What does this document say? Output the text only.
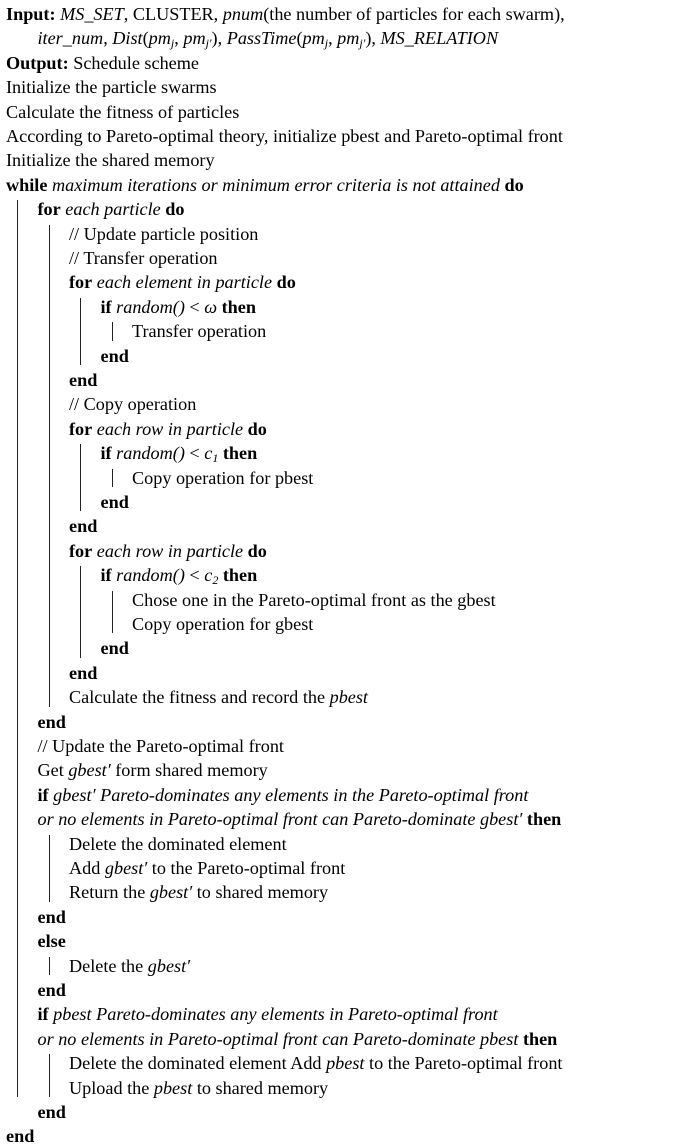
Input: MS_SET, CLUSTER, pnum(the number of particles for each swarm),
iter_num, $Dist(pm_j$, $pm_{j'}$), $PassTime(pm_j$, $pm_{j'}$), MS_RELATION
Output: Schedule scheme
Initialize the particle swarms
Calculate the fitness of particles
According to Pareto-optimal theory, initialize pbest and Pareto-optimal front
Initialize the shared memory
while maximum iterations or minimum error criteria is not attained do
for each particle do
// Update particle position
// Transfer operation
for each element in particle do
if random() < ω then
Transfer operation
end
end
// Copy operation
for each row in particle do
if random() < $c_1$ then
Copy operation for pbest
end
end
for each row in particle do
if random() < $c_2$ then
Chose one in the Pareto-optimal front as the gbest
Copy operation for gbest
end
end
Calculate the fitness and record the pbest
end
// Update the Pareto-optimal front
Get gbest′ form shared memory
if gbest′ Pareto-dominates any elements in the Pareto-optimal front
or no elements in Pareto-optimal front can Pareto-dominate gbest′ then
Delete the dominated element
Add gbest′ to the Pareto-optimal front
Return the gbest′ to shared memory
end
else
Delete the gbest′
end
if pbest Pareto-dominates any elements in Pareto-optimal front
or no elements in Pareto-optimal front can Pareto-dominate pbest then
Delete the dominated element Add pbest to the Pareto-optimal front
Upload the pbest to shared memory
end
end
